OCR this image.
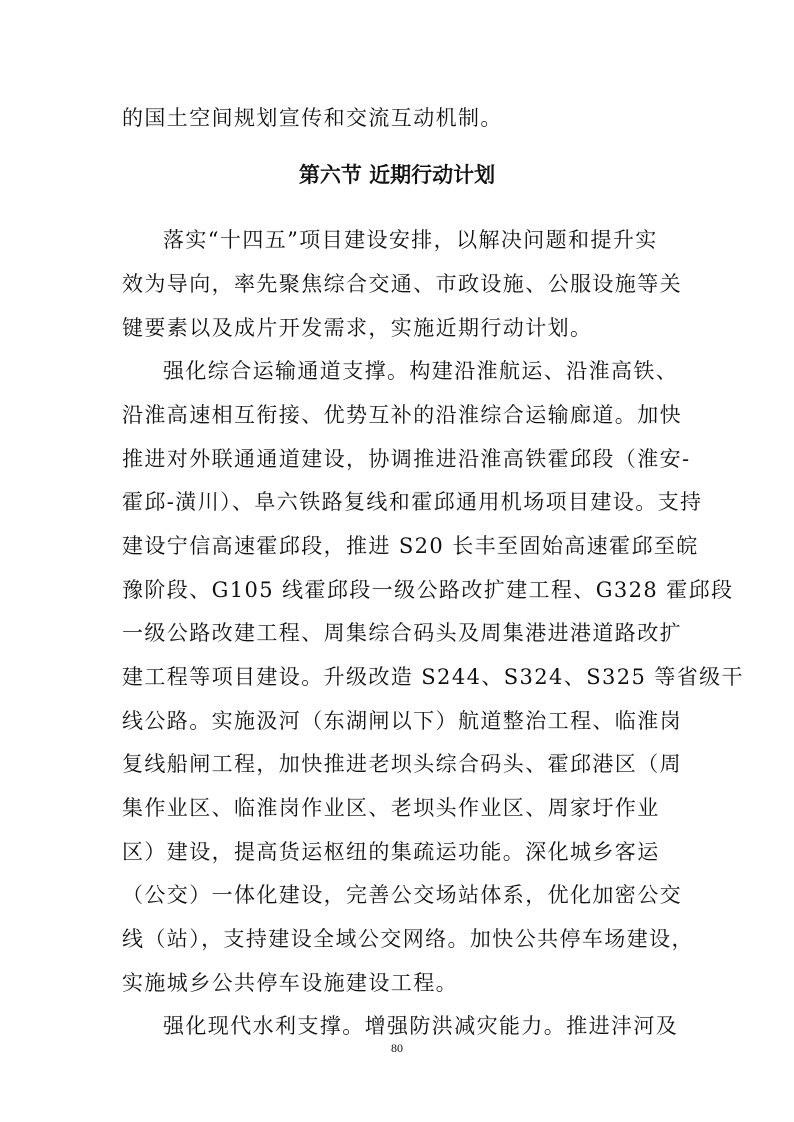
的国土空间规划宣传和交流互动机制。

第六节 近期行动计划

落实“十四五”项目建设安排，以解决问题和提升实

效为导向，率先聚焦综合交通、市政设施、公服设施等关

键要素以及成片开发需求，实施近期行动计划。

强化综合运输通道支撑。构建沿淮航运、沿淮高铁、

沿淮高速相互衔接、优势互补的沿淮综合运输廊道。加快

推进对外联通通道建设，协调推进沿淮高铁霍邱段（淮安-

霍邱-潢川）、阜六铁路复线和霍邱通用机场项目建设。支持

建设宁信高速霍邱段，推进 S20 长丰至固始高速霍邱至皖

豫阶段、G105 线霍邱段一级公路改扩建工程、G328 霍邱段

一级公路改建工程、周集综合码头及周集港进港道路改扩

建工程等项目建设。升级改造 S244、S324、S325 等省级干

线公路。实施汲河（东湖闸以下）航道整治工程、临淮岗

复线船闸工程，加快推进老坝头综合码头、霍邱港区（周

集作业区、临淮岗作业区、老坝头作业区、周家圩作业

区）建设，提高货运枢纽的集疏运功能。深化城乡客运

（公交）一体化建设，完善公交场站体系，优化加密公交

线（站），支持建设全域公交网络。加快公共停车场建设，

实施城乡公共停车设施建设工程。

强化现代水利支撑。增强防洪减灾能力。推进沣河及

80
